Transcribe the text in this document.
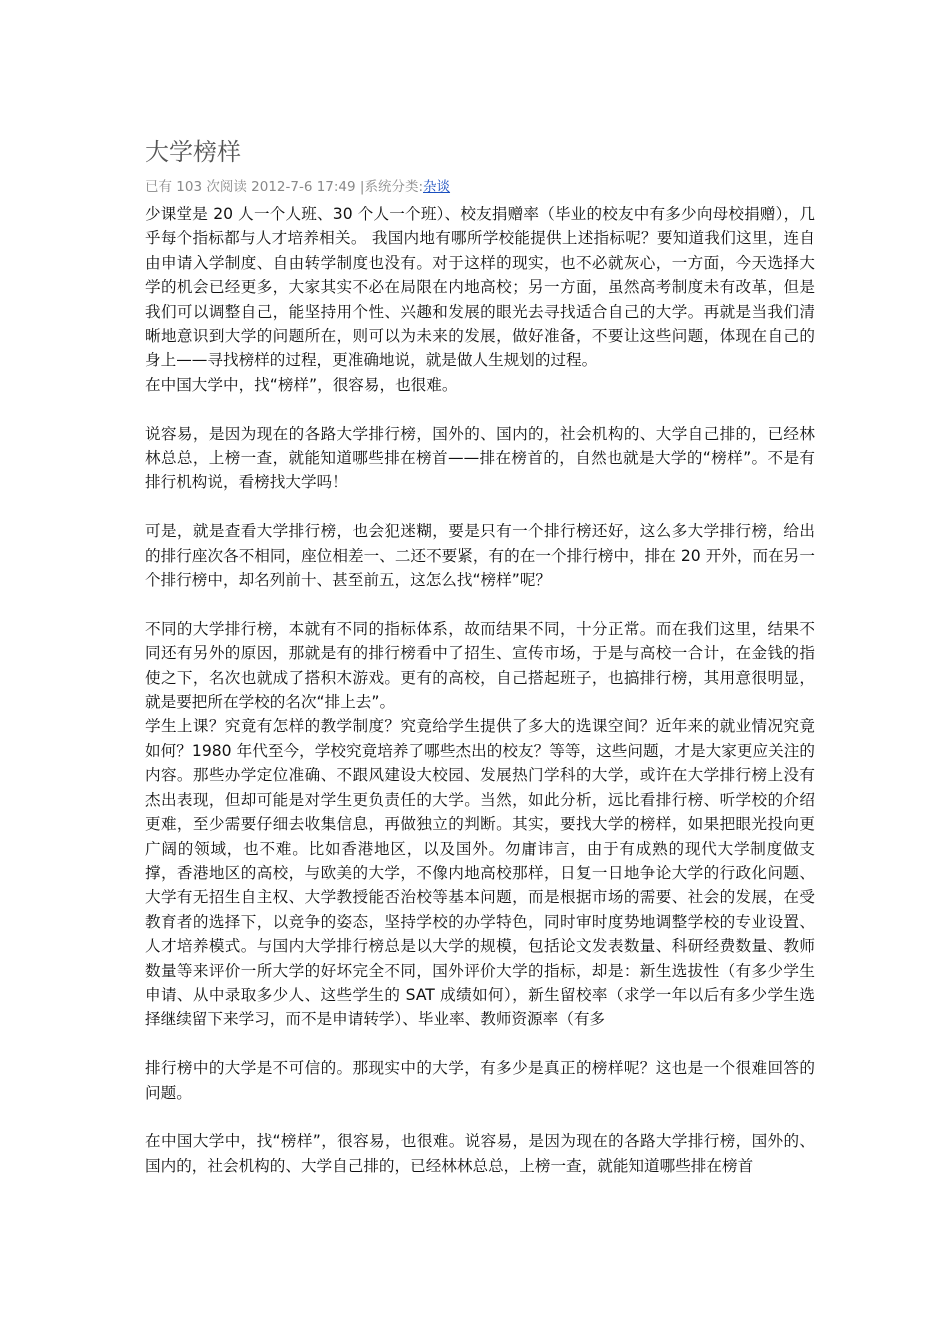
大学榜样
已有 103 次阅读 2012-7-6 17:49 |系统分类:杂谈

少课堂是 20 人一个人班、30 个人一个班）、校友捐赠率（毕业的校友中有多少向母校捐赠），几乎每个指标都与人才培养相关。 我国内地有哪所学校能提供上述指标呢？要知道我们这里，连自由申请入学制度、自由转学制度也没有。对于这样的现实，也不必就灰心，一方面，今天选择大学的机会已经更多，大家其实不必在局限在内地高校；另一方面，虽然高考制度未有改革，但是我们可以调整自己，能坚持用个性、兴趣和发展的眼光去寻找适合自己的大学。再就是当我们清晰地意识到大学的问题所在，则可以为未来的发展，做好准备，不要让这些问题，体现在自己的身上——寻找榜样的过程，更准确地说，就是做人生规划的过程。

在中国大学中，找“榜样”，很容易，也很难。

说容易，是因为现在的各路大学排行榜，国外的、国内的，社会机构的、大学自己排的，已经林林总总，上榜一查，就能知道哪些排在榜首——排在榜首的，自然也就是大学的“榜样”。不是有排行机构说，看榜找大学吗！

可是，就是查看大学排行榜，也会犯迷糊，要是只有一个排行榜还好，这么多大学排行榜，给出的排行座次各不相同，座位相差一、二还不要紧，有的在一个排行榜中，排在 20 开外，而在另一个排行榜中，却名列前十、甚至前五，这怎么找“榜样”呢？

不同的大学排行榜，本就有不同的指标体系，故而结果不同，十分正常。而在我们这里，结果不同还有另外的原因，那就是有的排行榜看中了招生、宣传市场，于是与高校一合计，在金钱的指使之下，名次也就成了搭积木游戏。更有的高校，自己搭起班子，也搞排行榜，其用意很明显，就是要把所在学校的名次“排上去”。

学生上课？究竟有怎样的教学制度？究竟给学生提供了多大的选课空间？近年来的就业情况究竟如何？1980 年代至今，学校究竟培养了哪些杰出的校友？等等，这些问题，才是大家更应关注的内容。那些办学定位准确、不跟风建设大校园、发展热门学科的大学，或许在大学排行榜上没有杰出表现，但却可能是对学生更负责任的大学。当然，如此分析，远比看排行榜、听学校的介绍更难，至少需要仔细去收集信息，再做独立的判断。其实，要找大学的榜样，如果把眼光投向更广阔的领域，也不难。比如香港地区，以及国外。勿庸讳言，由于有成熟的现代大学制度做支撑，香港地区的高校，与欧美的大学，不像内地高校那样，日复一日地争论大学的行政化问题、大学有无招生自主权、大学教授能否治校等基本问题，而是根据市场的需要、社会的发展，在受教育者的选择下，以竞争的姿态，坚持学校的办学特色，同时审时度势地调整学校的专业设置、人才培养模式。与国内大学排行榜总是以大学的规模，包括论文发表数量、科研经费数量、教师数量等来评价一所大学的好坏完全不同，国外评价大学的指标，却是：新生选拔性（有多少学生申请、从中录取多少人、这些学生的 SAT 成绩如何），新生留校率（求学一年以后有多少学生选择继续留下来学习，而不是申请转学）、毕业率、教师资源率（有多

排行榜中的大学是不可信的。那现实中的大学，有多少是真正的榜样呢？这也是一个很难回答的问题。

在中国大学中，找“榜样”，很容易，也很难。说容易，是因为现在的各路大学排行榜，国外的、国内的，社会机构的、大学自己排的，已经林林总总，上榜一查，就能知道哪些排在榜首
